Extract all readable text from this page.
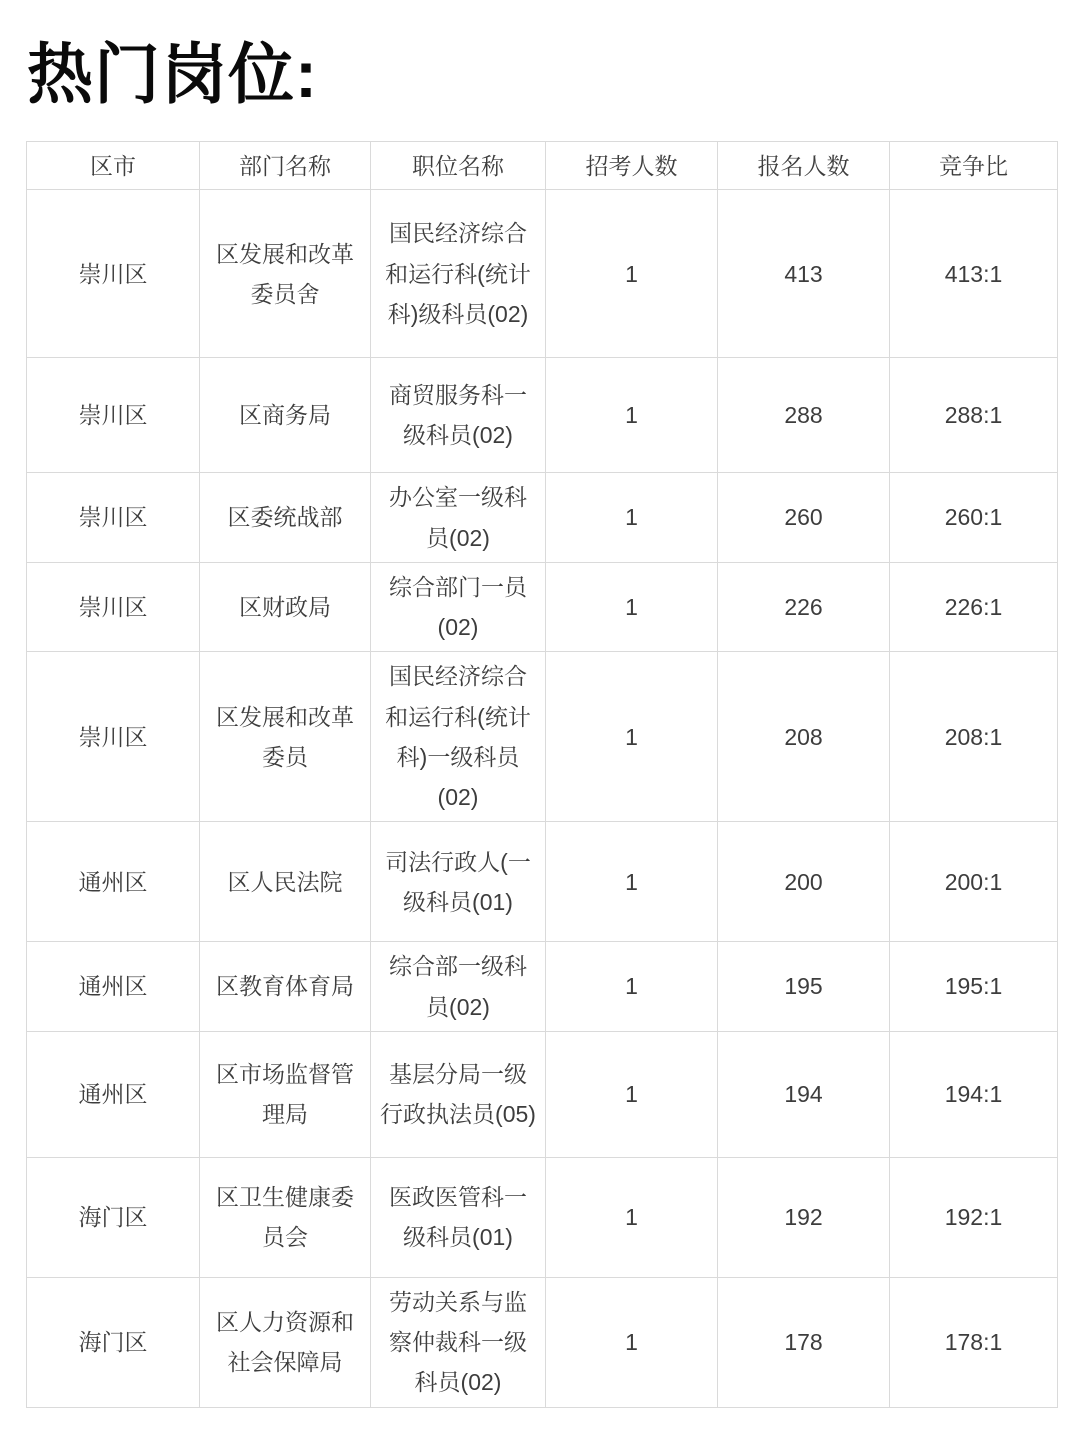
热门岗位:
区市	部门名称	职位名称	招考人数	报名人数	竞争比
崇川区	区发展和改革委员舍	国民经济综合和运行科(统计科)级科员(02)	1	413	413:1
崇川区	区商务局	商贸服务科一级科员(02)	1	288	288:1
崇川区	区委统战部	办公室一级科员(02)	1	260	260:1
崇川区	区财政局	综合部门一员(02)	1	226	226:1
崇川区	区发展和改革委员	国民经济综合和运行科(统计科)一级科员(02)	1	208	208:1
通州区	区人民法院	司法行政人(一级科员(01)	1	200	200:1
通州区	区教育体育局	综合部一级科员(02)	1	195	195:1
通州区	区市场监督管理局	基层分局一级行政执法员(05)	1	194	194:1
海门区	区卫生健康委员会	医政医管科一级科员(01)	1	192	192:1
海门区	区人力资源和社会保障局	劳动关系与监察仲裁科一级科员(02)	1	178	178:1
